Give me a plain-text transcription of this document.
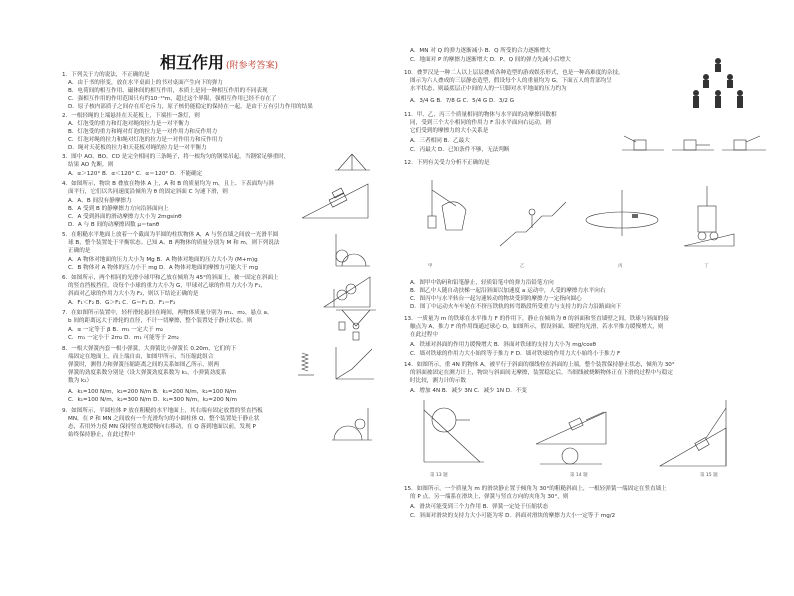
相互作用 (附参考答案)
1．下列关于力的说法，不正确的是
A．由于书的形变，放在水平桌面上的书对桌面产生向下的弹力
B．电荷间的相互作用、磁体间的相互作用，本质上是同一种相互作用的不同表现
C．强相互作用的作用范围只有约10⁻¹⁵m，超过这个界限，强相互作用已经不存在了
D．原子核内部质子之间存在库仑斥力，原子核仍能稳定的保持在一起，是由于万有引力作用的结果
2．一根轻绳的上端悬挂在天花板上，下端挂一盏灯，则
A．灯泡受的重力和灯泡对绳的拉力是一对平衡力
B．灯泡受的重力和绳对灯泡的拉力是一对作用力和反作用力
C．灯泡对绳的拉力和绳对灯泡的拉力是一对作用力和反作用力
D．绳对天花板的拉力和天花板对绳的拉力是一对平衡力
3．图中 AO、BO、CO 是完全相同的三条绳子，将一根均匀的钢梁吊起，当钢梁足够重时，
结果 AO 先断，则
A．α＞120° B．α＜120° C．α＝120° D．不能确定
4．如图所示，物块 B 叠放在物体 A 上，A 和 B 的质量均为 m，且上、下表面均与斜
面平行，它们以共同速度沿倾角为 θ 的固定斜面 C 匀速下滑，则
A．A、B 间没有静摩擦力
B．A 受到 B 的静摩擦力方向沿斜面向上
C．A 受到斜面的滑动摩擦力大小为 2mgsinθ
D．A 与 B 间的动摩擦因数 μ＝tanθ
5．在粗糙水平地面上放着一个截面为半圆的柱状物体 A，A 与竖直墙之间放一光滑半圆
球 B，整个装置处于平衡状态。已知 A、B 两物体的质量分别为 M 和 m，则下列说法
正确的是
A．A 物体对地面的压力大小为 Mg B．A 物体对地面的压力大小为 (M+m)g
C．B 物体对 A 物体的压力小于 mg D．A 物体对地面的摩擦力可能大于 mg
6．如图所示，两个相同的光滑小球甲和乙放在倾角为 45°的斜面上，被一固定在斜面上
的竖直挡板挡住，设每个小球的重力大小为 G，甲球对乙球的作用力大小为 F₁，
斜面对乙球的作用力大小为 F₂，则以下结论正确的是
A．F₁＜F₂ B．G＞F₁ C．G＝F₁ D．F₁＝F₂
7．在如图所示装置中，轻杆滑轮悬挂在绳间，两物体质量分别为 m₁、m₂，悬点 a、
b 间的距离远大于滑轮的直径，不计一切摩擦，整个装置处于静止状态。则
A．α 一定等于 β B．m₁ 一定大于 m₂
C．m₁ 一定小于 2m₂ D．m₁ 可能等于 2m₂
8．一根大弹簧内套一根小弹簧，大弹簧比小弹簧长 0.20m，它们的下
端固定在地面上，而上端自由，如图甲所示，当压缩此组合
弹簧时，测得力和弹簧压缩距离之间的关系如图乙所示，则两
弹簧的劲度系数分别是（设大弹簧劲度系数为 k₁，小弹簧劲度系
数为 k₂）
A．k₁=100 N/m，k₂=200 N/m B．k₁=200 N/m，k₂=100 N/m
C．k₁=100 N/m，k₂=300 N/m D．k₁=300 N/m，k₂=200 N/m
9．如图所示，半圆柱体 P 放在粗糙的水平地面上，其右端有固定放置的竖直挡板
MN，在 P 和 MN 之间放有一个光滑均匀的小圆柱体 Q，整个装置处于静止状
态，若用外力使 MN 保持竖直地缓慢向右移动，在 Q 落到地面以前，发现 P
始终保持静止，在此过程中
A．MN 对 Q 的弹力逐渐减小 B．Q 所受的合力逐渐增大
C．地面对 P 的摩擦力逐渐增大 D．P、Q 间的弹力先减小后增大
10．叠罗汉是一种二人以上层层叠成各种造型的游戏娱乐形式，也是一种高难度的杂技。
图示为六人叠成的三层静态造型，假设每个人的重量均为 G，下面五人的背部均呈
水平状态，则最底层正中间的人的一只脚对水平地面的压力约为
A．3/4 G B．7/8 G C．5/4 G D．3/2 G
11．甲、乙、丙三个质量相同的物体与水平面的动摩擦因数相
同，受到三个大小相同的作用力 F 沿水平面向右运动，则
它们受到的摩擦力的大小关系是
A．三者相同 B．乙最大
C．丙最大 D．已知条件不够，无法判断
12．下列有关受力分析不正确的是
甲	乙	丙	丁
A．图甲中钩码和铅笔静止，轻质铅笔中的弹力沿铅笔方向
B．图乙中人随自动扶梯一起沿斜面以加速度 a 运动中，人受的摩擦力水平向右
C．图丙中与水平转台一起匀速转动的物块受到的摩擦力一定指向圆心
D．图丁中运动火车车轮在不挤压铁轨的转弯路段所受重力与支持力的合力沿路面向下
13．一质量为 m 的铁球在水平推力 F 的作用下，静止在倾角为 θ 的斜面和竖直墙壁之间，铁球与斜面的接
触点为 A，推力 F 的作用线通过球心 O，如图所示，假设斜面、墙壁均光滑，若水平推力缓慢增大，则
在此过程中
A．铁球对斜面的作用力缓慢增大 B．斜面对铁球的支持力大小为 mg/cosθ
C．墙对铁球的作用力大小始终等于推力 F D．墙对铁球的作用力大小始终小于推力 F
14．如图所示，重 4N 的物体 A，被平行于斜面的细线栓在斜面的上端，整个装置保持静止状态，倾角为 30°
的斜面被固定在测力计上，物块与斜面间无摩擦，装置稳定后，当细线被烧断物体正在下滑的过程中与稳定
时比较，测力计的示数
A．增加 4N B．减少 3N C．减少 1N D．不变
第 13 题	第 14 题	第 15 题
15．如图所示，一个质量为 m 的滑块静止置于倾角为 30°的粗糙斜面上，一根轻弹簧一端固定在竖直墙上
的 P 点，另一端系在滑块上，弹簧与竖直方向的夹角为 30°，则
A．滑块可能受到三个力作用 B．弹簧一定处于压缩状态
C．斜面对滑块的支持力大小可能为零 D．斜面对滑块的摩擦力大小一定等于 mg/2
